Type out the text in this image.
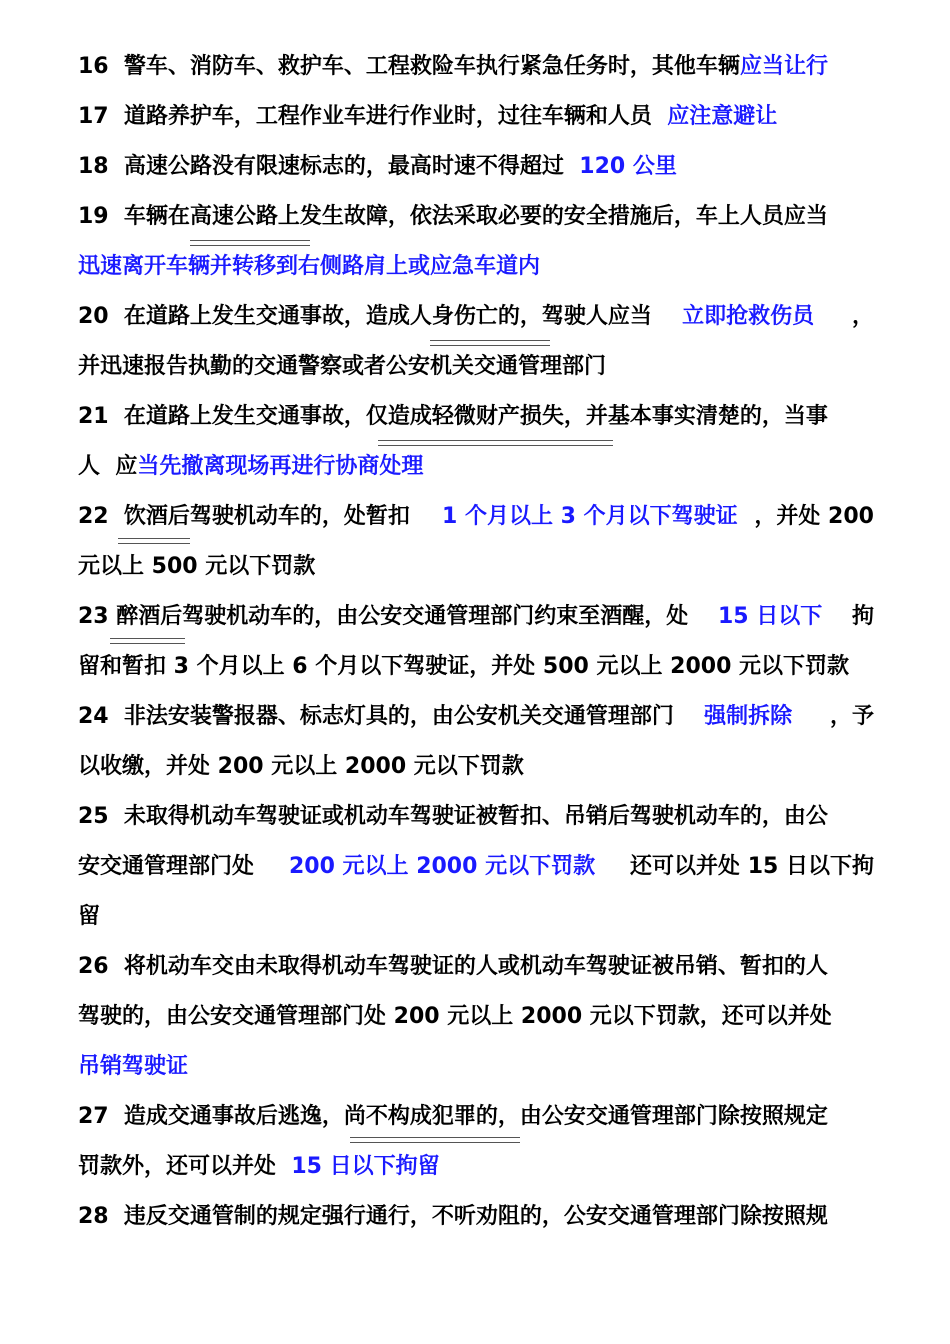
16  警车、消防车、救护车、工程救险车执行紧急任务时，其他车辆应当让行
17  道路养护车，工程作业车进行作业时，过往车辆和人员  应注意避让
18  高速公路没有限速标志的，最高时速不得超过  120 公里
19  车辆在高速公路上发生故障，依法采取必要的安全措施后，车上人员应当
迅速离开车辆并转移到右侧路肩上或应急车道内
20  在道路上发生交通事故，造成人身伤亡的，驾驶人应当 立即抢救伤员 ，
并迅速报告执勤的交通警察或者公安机关交通管理部门
21  在道路上发生交通事故，仅造成轻微财产损失，并基本事实清楚的，当事
人  应当先撤离现场再进行协商处理
22  饮酒后驾驶机动车的，处暂扣 1 个月以上 3 个月以下驾驶证 ，并处 200
元以上 500 元以下罚款
23 醉酒后驾驶机动车的，由公安交通管理部门约束至酒醒，处 15 日以下 拘
留和暂扣 3 个月以上 6 个月以下驾驶证，并处 500 元以上 2000 元以下罚款
24  非法安装警报器、标志灯具的，由公安机关交通管理部门 强制拆除 ，予
以收缴，并处 200 元以上 2000 元以下罚款
25  未取得机动车驾驶证或机动车驾驶证被暂扣、吊销后驾驶机动车的，由公
安交通管理部门处 200 元以上 2000 元以下罚款 还可以并处 15 日以下拘
留
26  将机动车交由未取得机动车驾驶证的人或机动车驾驶证被吊销、暂扣的人
驾驶的，由公安交通管理部门处 200 元以上 2000 元以下罚款，还可以并处
吊销驾驶证
27  造成交通事故后逃逸，尚不构成犯罪的，由公安交通管理部门除按照规定
罚款外，还可以并处  15 日以下拘留
28  违反交通管制的规定强行通行，不听劝阻的，公安交通管理部门除按照规
